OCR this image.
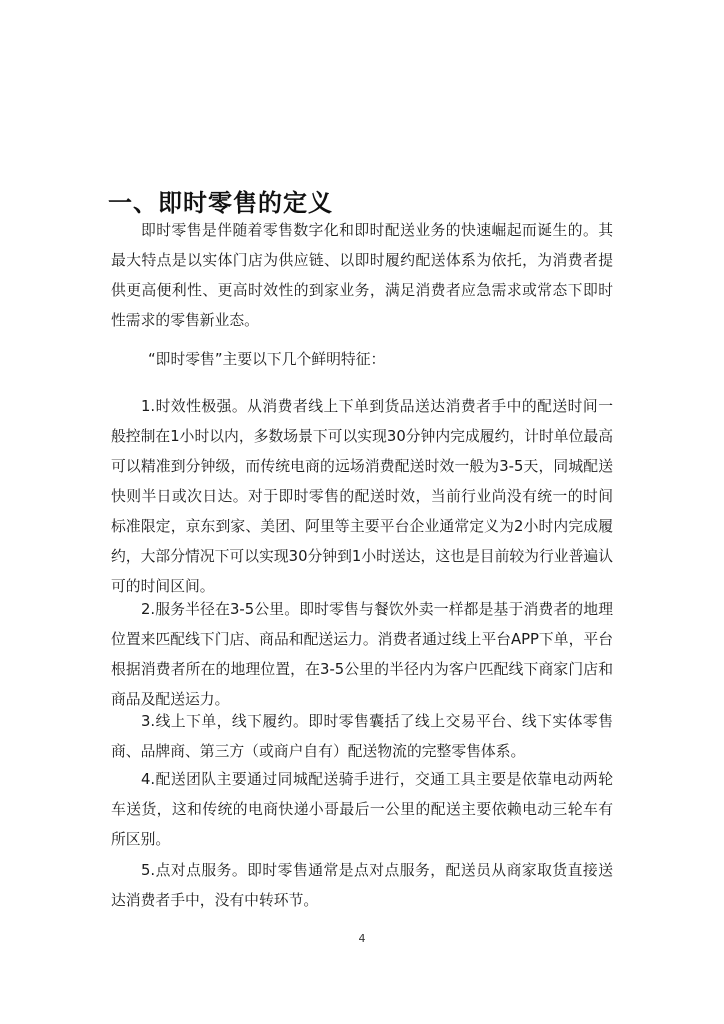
一、即时零售的定义

即时零售是伴随着零售数字化和即时配送业务的快速崛起而诞生的。其最大特点是以实体门店为供应链、以即时履约配送体系为依托，为消费者提供更高便利性、更高时效性的到家业务，满足消费者应急需求或常态下即时性需求的零售新业态。

“即时零售”主要以下几个鲜明特征：

1.时效性极强。从消费者线上下单到货品送达消费者手中的配送时间一般控制在1小时以内，多数场景下可以实现30分钟内完成履约，计时单位最高可以精准到分钟级，而传统电商的远场消费配送时效一般为3-5天，同城配送快则半日或次日达。对于即时零售的配送时效，当前行业尚没有统一的时间标准限定，京东到家、美团、阿里等主要平台企业通常定义为2小时内完成履约，大部分情况下可以实现30分钟到1小时送达，这也是目前较为行业普遍认可的时间区间。

2.服务半径在3-5公里。即时零售与餐饮外卖一样都是基于消费者的地理位置来匹配线下门店、商品和配送运力。消费者通过线上平台APP下单，平台根据消费者所在的地理位置，在3-5公里的半径内为客户匹配线下商家门店和商品及配送运力。

3.线上下单，线下履约。即时零售囊括了线上交易平台、线下实体零售商、品牌商、第三方（或商户自有）配送物流的完整零售体系。

4.配送团队主要通过同城配送骑手进行，交通工具主要是依靠电动两轮车送货，这和传统的电商快递小哥最后一公里的配送主要依赖电动三轮车有所区别。

5.点对点服务。即时零售通常是点对点服务，配送员从商家取货直接送达消费者手中，没有中转环节。

4
